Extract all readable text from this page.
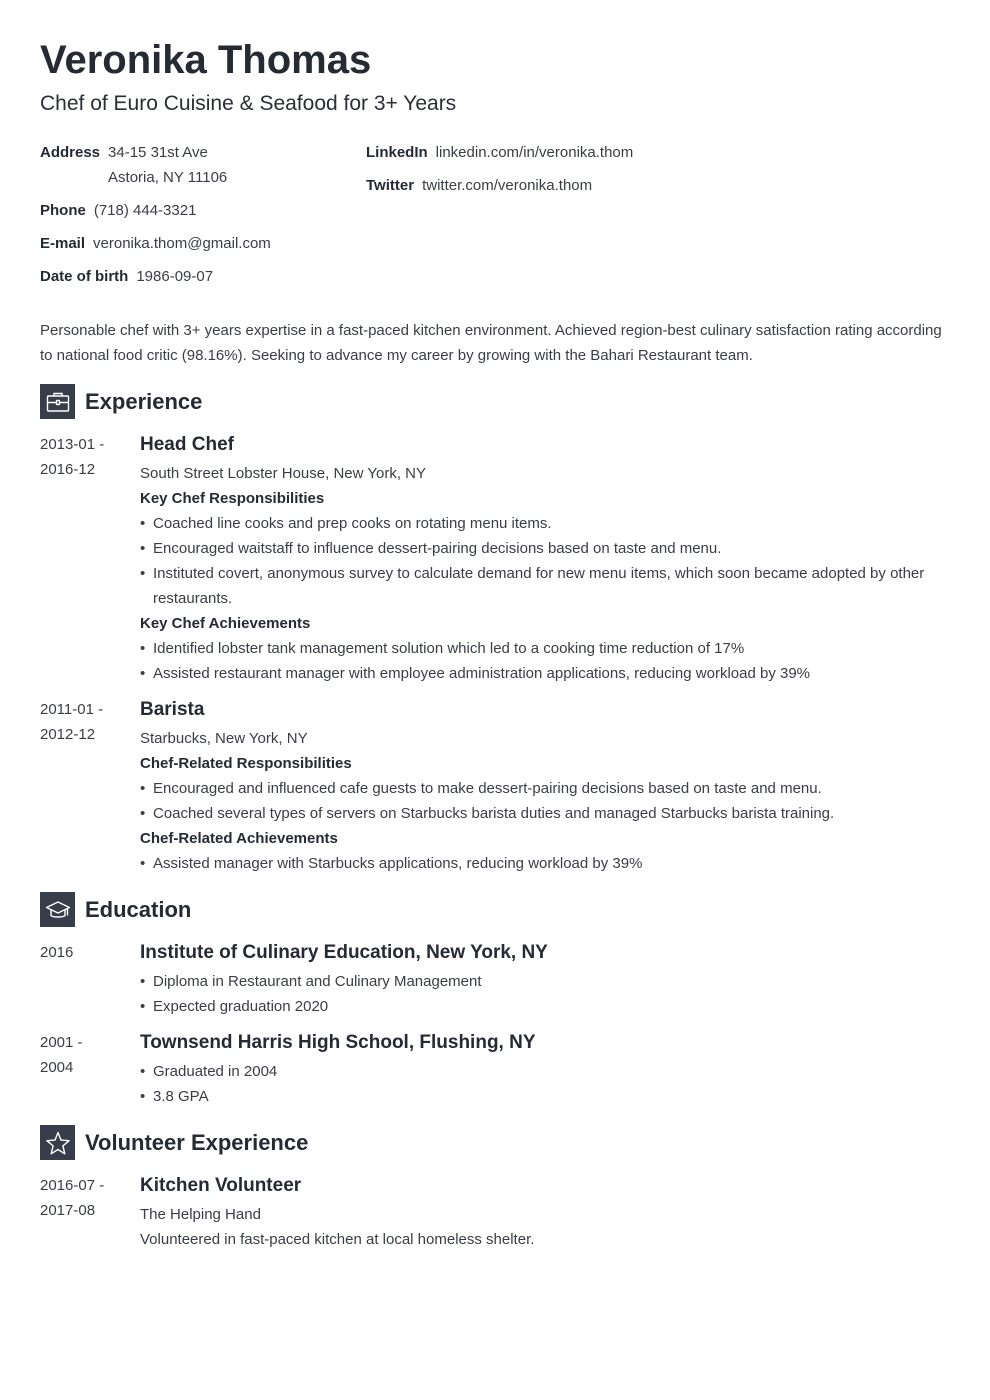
Veronika Thomas
Chef of Euro Cuisine & Seafood for 3+ Years
Address 34-15 31st Ave
Astoria, NY 11106
Phone (718) 444-3321
E-mail veronika.thom@gmail.com
Date of birth 1986-09-07
LinkedIn linkedin.com/in/veronika.thom
Twitter twitter.com/veronika.thom
Personable chef with 3+ years expertise in a fast-paced kitchen environment. Achieved region-best culinary satisfaction rating according to national food critic (98.16%). Seeking to advance my career by growing with the Bahari Restaurant team.
Experience
2013-01 -
2016-12
Head Chef
South Street Lobster House, New York, NY
Key Chef Responsibilities
• Coached line cooks and prep cooks on rotating menu items.
• Encouraged waitstaff to influence dessert-pairing decisions based on taste and menu.
• Instituted covert, anonymous survey to calculate demand for new menu items, which soon became adopted by other restaurants.
Key Chef Achievements
• Identified lobster tank management solution which led to a cooking time reduction of 17%
• Assisted restaurant manager with employee administration applications, reducing workload by 39%
2011-01 -
2012-12
Barista
Starbucks, New York, NY
Chef-Related Responsibilities
• Encouraged and influenced cafe guests to make dessert-pairing decisions based on taste and menu.
• Coached several types of servers on Starbucks barista duties and managed Starbucks barista training.
Chef-Related Achievements
• Assisted manager with Starbucks applications, reducing workload by 39%
Education
2016	Institute of Culinary Education, New York, NY
• Diploma in Restaurant and Culinary Management
• Expected graduation 2020
2001 -
2004
Townsend Harris High School, Flushing, NY
• Graduated in 2004
• 3.8 GPA
Volunteer Experience
2016-07 -
2017-08
Kitchen Volunteer
The Helping Hand
Volunteered in fast-paced kitchen at local homeless shelter.
